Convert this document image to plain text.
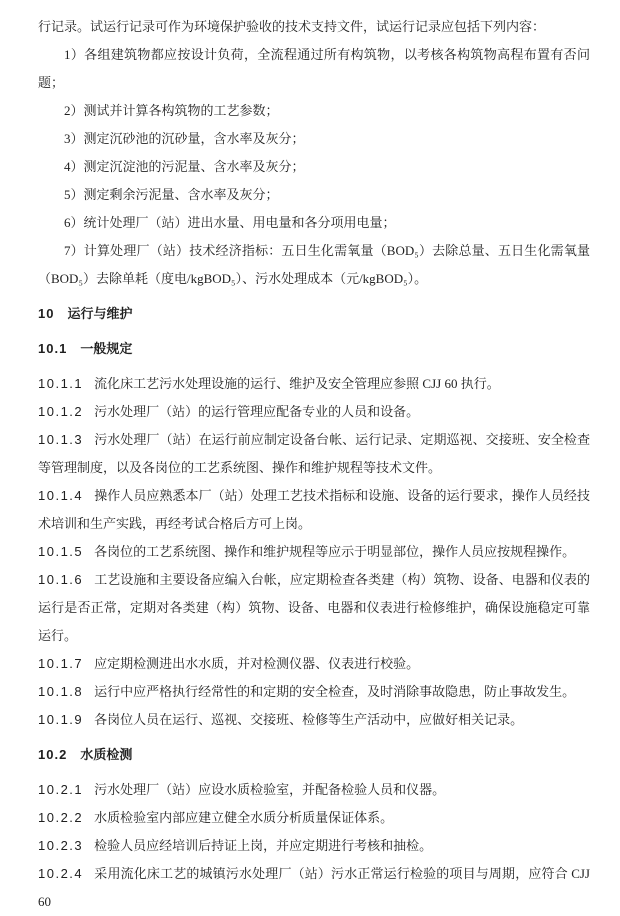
行记录。试运行记录可作为环境保护验收的技术支持文件，试运行记录应包括下列内容：

1）各组建筑物都应按设计负荷，全流程通过所有构筑物，以考核各构筑物高程布置有否问题；

2）测试并计算各构筑物的工艺参数；

3）测定沉砂池的沉砂量，含水率及灰分；

4）测定沉淀池的污泥量、含水率及灰分；

5）测定剩余污泥量、含水率及灰分；

6）统计处理厂（站）进出水量、用电量和各分项用电量；

7）计算处理厂（站）技术经济指标：五日生化需氧量（BOD₅）去除总量、五日生化需氧量（BOD₅）去除单耗（度电/kgBOD₅）、污水处理成本（元/kgBOD₅）。

10 运行与维护

10.1 一般规定

10.1.1 流化床工艺污水处理设施的运行、维护及安全管理应参照 CJJ 60 执行。

10.1.2 污水处理厂（站）的运行管理应配备专业的人员和设备。

10.1.3 污水处理厂（站）在运行前应制定设备台帐、运行记录、定期巡视、交接班、安全检查等管理制度，以及各岗位的工艺系统图、操作和维护规程等技术文件。

10.1.4 操作人员应熟悉本厂（站）处理工艺技术指标和设施、设备的运行要求，操作人员经技术培训和生产实践，再经考试合格后方可上岗。

10.1.5 各岗位的工艺系统图、操作和维护规程等应示于明显部位，操作人员应按规程操作。

10.1.6 工艺设施和主要设备应编入台帐，应定期检查各类建（构）筑物、设备、电器和仪表的运行是否正常，定期对各类建（构）筑物、设备、电器和仪表进行检修维护，确保设施稳定可靠运行。

10.1.7 应定期检测进出水水质，并对检测仪器、仪表进行校验。

10.1.8 运行中应严格执行经常性的和定期的安全检查，及时消除事故隐患，防止事故发生。

10.1.9 各岗位人员在运行、巡视、交接班、检修等生产活动中，应做好相关记录。

10.2 水质检测

10.2.1 污水处理厂（站）应设水质检验室，并配备检验人员和仪器。

10.2.2 水质检验室内部应建立健全水质分析质量保证体系。

10.2.3 检验人员应经培训后持证上岗，并应定期进行考核和抽检。

10.2.4 采用流化床工艺的城镇污水处理厂（站）污水正常运行检验的项目与周期，应符合 CJJ 60
